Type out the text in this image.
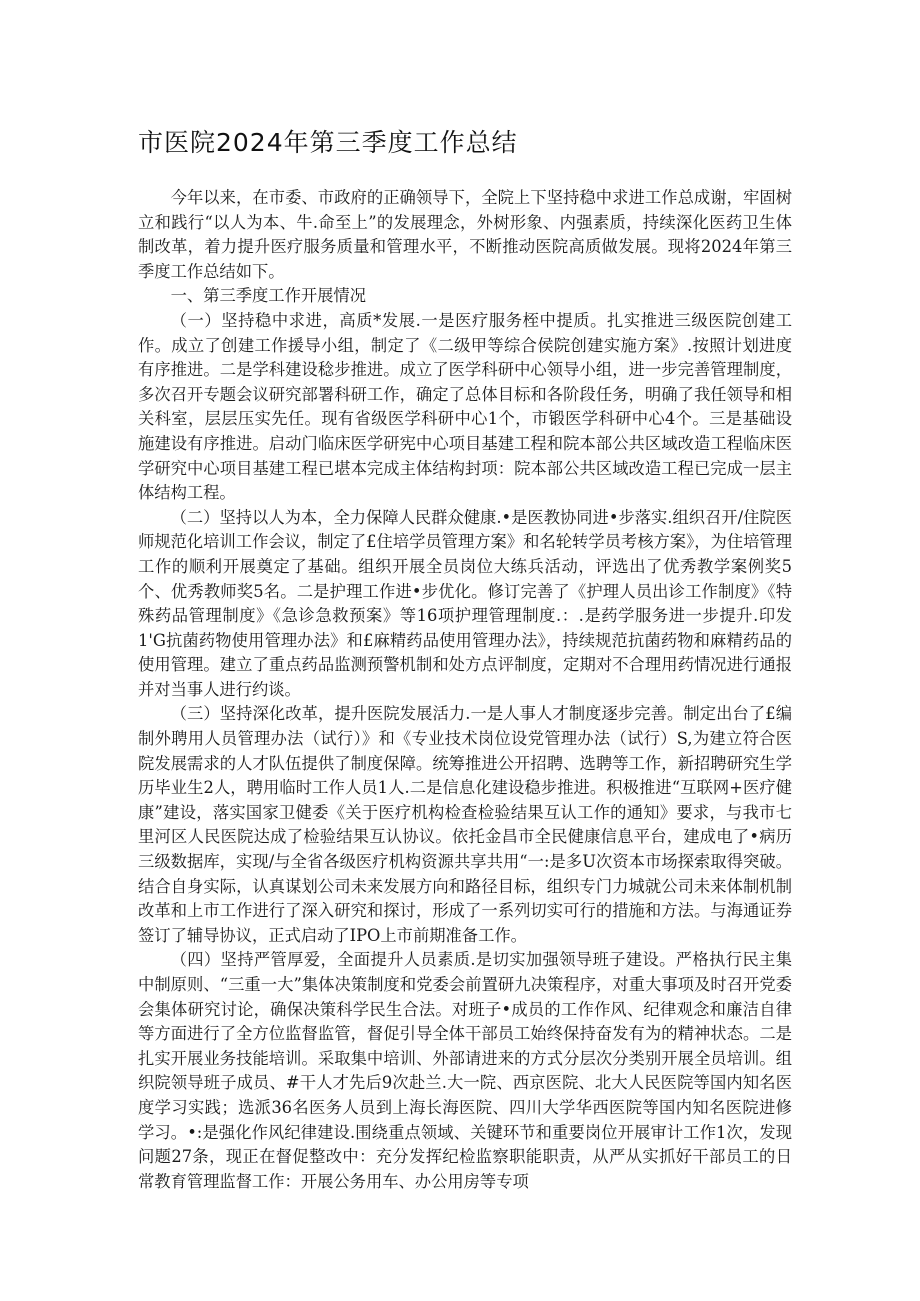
市医院2024年第三季度工作总结

今年以来，在市委、市政府的正确领导下，全院上下坚持稳中求进工作总成谢，牢固树立和践行“以人为本、牛.命至上”的发展理念，外树形象、内强素质，持续深化医药卫生体制改革，着力提升医疗服务质量和管理水平，不断推动医院高质做发展。现将2024年第三季度工作总结如下。

一、第三季度工作开展情况

（一）坚持稳中求进，高质*发展.一是医疗服务桎中提质。扎实推进三级医院创建工作。成立了创建工作援导小组，制定了《二级甲等综合侯院创建实施方案》.按照计划进度有序推进。二是学科建设稔步推进。成立了医学科研中心领导小组，进一步完善管理制度，多次召开专题会议研究部署科研工作，确定了总体目标和各阶段任务，明确了我任领导和相关科室，层层压实先任。现有省级医学科研中心1个，市锻医学科研中心4个。三是基础设施建设有序推进。启动门临床医学研宪中心项目基建工程和院本部公共区域改造工程临床医学研究中心项目基建工程已堪本完成主体结构封项：院本部公共区域改造工程已完成一层主体结构工程。

（二）坚持以人为本，全力保障人民群众健康.•是医教协同进•步落实.组织召开/住院医师规范化培训工作会议，制定了£住培学员管理方案》和名轮转学员考核方案》，为住培管理工作的顺利开展奠定了基础。组织开展全员岗位大练兵活动，评选出了优秀教学案例奖5个、优秀教师奖5名。二是护理工作进•步优化。修订完善了《护理人员出诊工作制度》《特殊药品管理制度》《急诊急救预案》等16项护理管理制度.：.是药学服务进一步提升.印发1'G抗菌药物使用管理办法》和£麻精药品使用管理办法》，持续规范抗菌药物和麻精药品的使用管理。建立了重点药品监测预警机制和处方点评制度，定期对不合理用药情况进行通报并对当事人进行约谈。

（三）坚持深化改革，提升医院发展活力.一是人事人才制度逐步完善。制定出台了£编制外聘用人员管理办法（试行）》和《专业技术岗位设党管理办法（试行）S,为建立符合医院发展需求的人才队伍提供了制度保障。统筹推进公开招聘、选聘等工作，新招聘研究生学历毕业生2人，聘用临时工作人员1人.二是信息化建设稳步推进。积极推进“互联网+医疗健康”建设，落实国家卫健委《关于医疗机构检查检验结果互认工作的通知》要求，与我市七里河区人民医院达成了检验结果互认协议。依托金昌市全民健康信息平台，建成电了•病历三级数据库，实现/与全省各级医疗机构资源共享共用“一:是多U次资本市场探索取得突破。结合自身实际，认真谋划公司未来发展方向和路径目标，组织专门力城就公司未来体制机制改革和上市工作进行了深入研究和探讨，形成了一系列切实可行的措施和方法。与海通证券签订了辅导协议，正式启动了IPO上市前期准备工作。

（四）坚持严管厚爱，全面提升人员素质.是切实加强领导班子建设。严格执行民主集中制原则、“三重一大”集体决策制度和党委会前置研九决策程序，对重大事项及时召开党委会集体研究讨论，确保决策科学民生合法。对班子•成员的工作作风、纪律观念和廉洁自律等方面进行了全方位监督监管，督促引导全体干部员工始终保持奋发有为的精神状态。二是扎实开展业务技能培训。采取集中培训、外部请进来的方式分层次分类别开展全员培训。组织院领导班子成员、#干人才先后9次赴兰.大一院、西京医院、北大人民医院等国内知名医度学习实践；选派36名医务人员到上海长海医院、四川大学华西医院等国内知名医院进修学习。•:是强化作风纪律建设.围绕重点领域、关键环节和重要岗位开展审计工作1次，发现问题27条，现正在督促整改中：充分发挥纪检监察职能职责，从严从实抓好干部员工的日常教育管理监督工作：开展公务用车、办公用房等专项
